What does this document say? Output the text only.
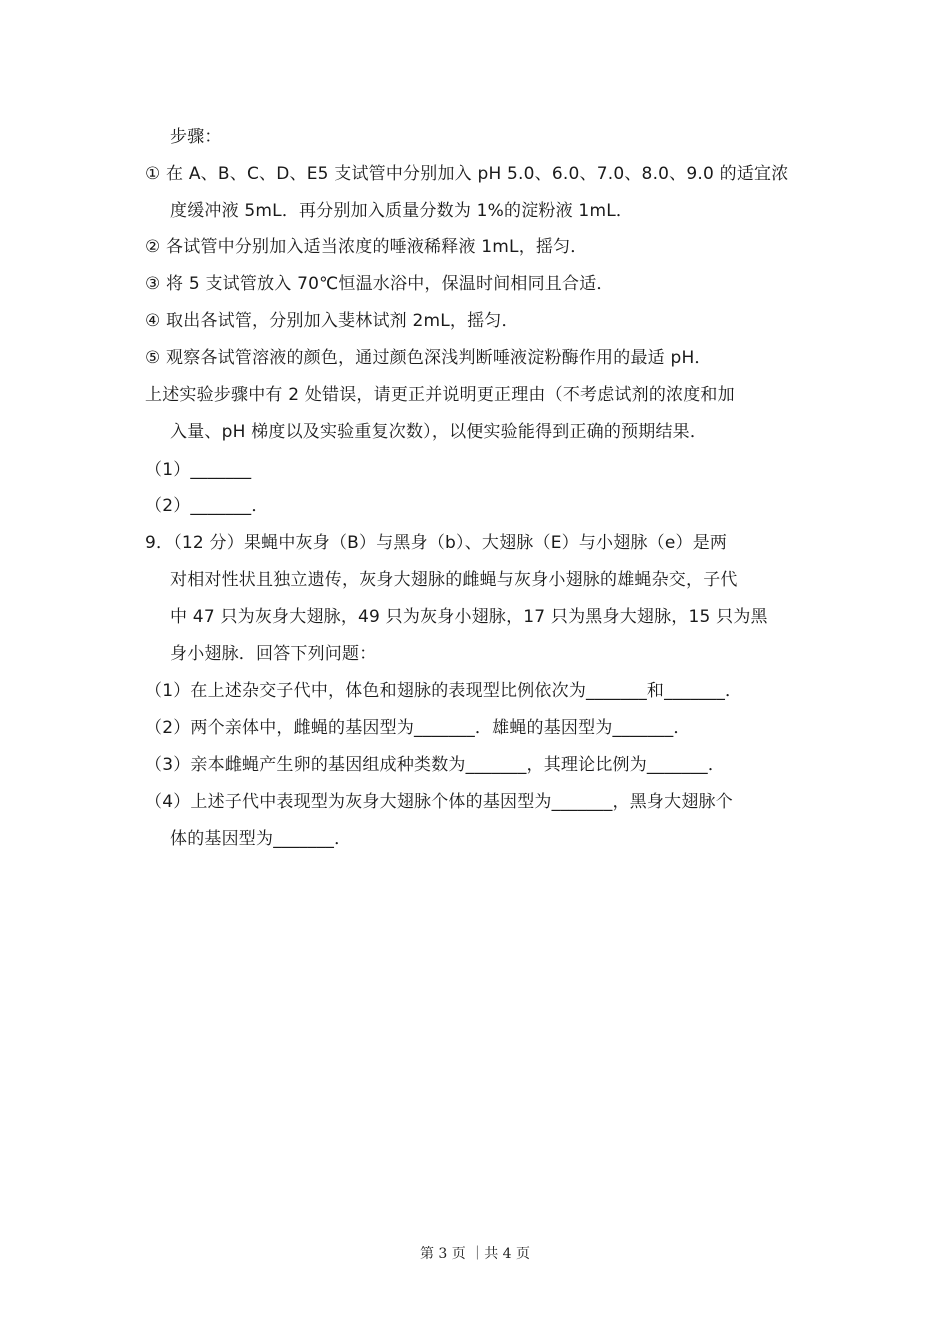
步骤：
① 在 A、B、C、D、E5 支试管中分别加入 pH 5.0、6.0、7.0、8.0、9.0 的适宜浓
度缓冲液 5mL．再分别加入质量分数为 1%的淀粉液 1mL．
② 各试管中分别加入适当浓度的唾液稀释液 1mL，摇匀．
③ 将 5 支试管放入 70℃恒温水浴中，保温时间相同且合适．
④ 取出各试管，分别加入斐林试剂 2mL，摇匀．
⑤ 观察各试管溶液的颜色，通过颜色深浅判断唾液淀粉酶作用的最适 pH．
上述实验步骤中有 2 处错误，请更正并说明更正理由（不考虑试剂的浓度和加
入量、pH 梯度以及实验重复次数），以便实验能得到正确的预期结果．
（1）_______
（2）_______．
9．（12 分）果蝇中灰身（B）与黑身（b）、大翅脉（E）与小翅脉（e）是两
对相对性状且独立遗传，灰身大翅脉的雌蝇与灰身小翅脉的雄蝇杂交，子代
中 47 只为灰身大翅脉，49 只为灰身小翅脉，17 只为黑身大翅脉，15 只为黑
身小翅脉．回答下列问题：
（1）在上述杂交子代中，体色和翅脉的表现型比例依次为_______和_______．
（2）两个亲体中，雌蝇的基因型为_______．雄蝇的基因型为_______．
（3）亲本雌蝇产生卵的基因组成种类数为_______，其理论比例为_______．
（4）上述子代中表现型为灰身大翅脉个体的基因型为_______，黑身大翅脉个
体的基因型为_______．
第 3 页 ｜共 4 页
